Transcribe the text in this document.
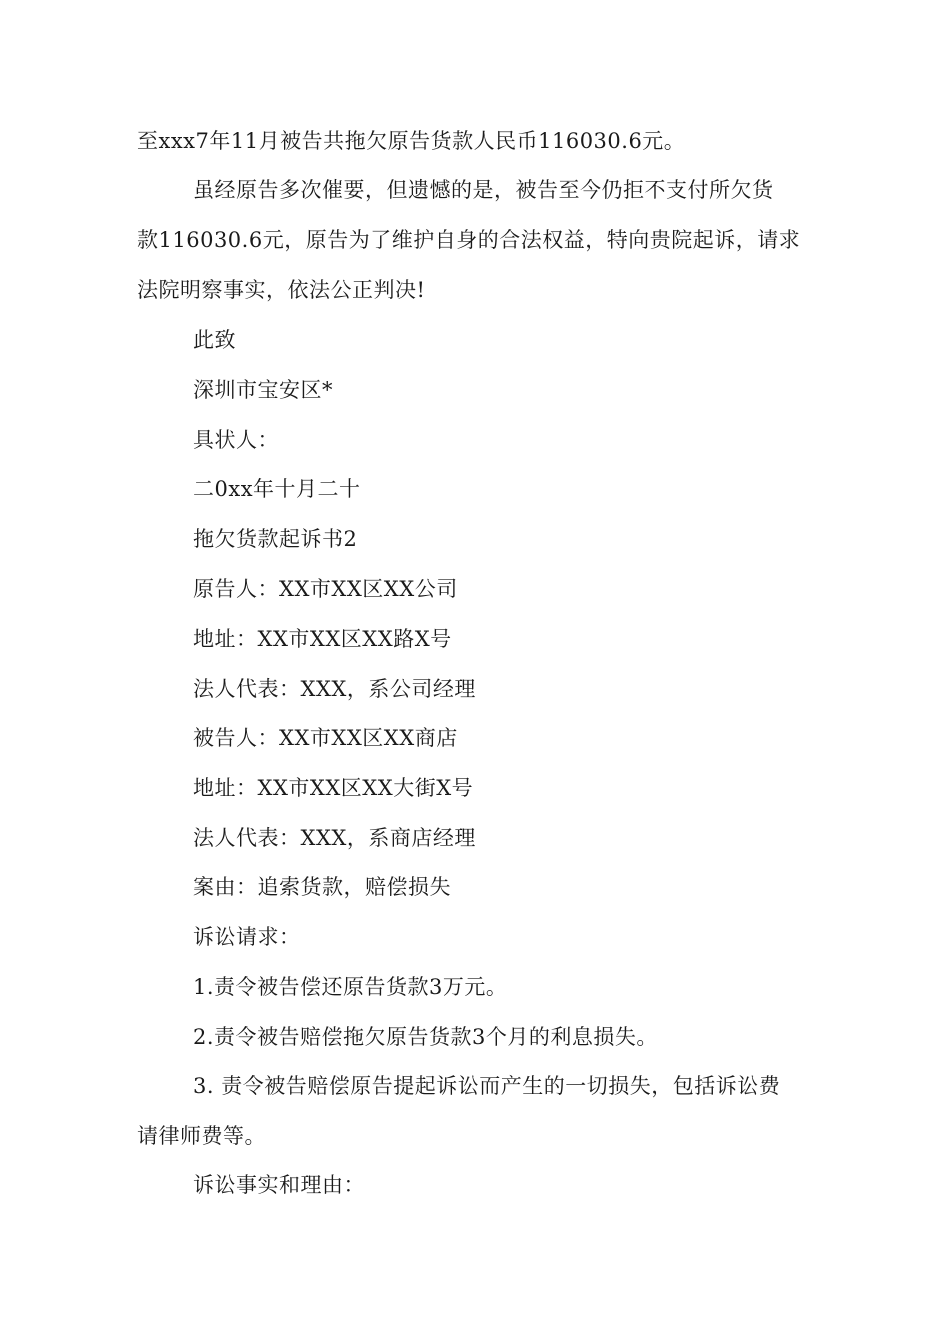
至xxx7年11月被告共拖欠原告货款人民币116030.6元。
虽经原告多次催要，但遗憾的是，被告至今仍拒不支付所欠货
款116030.6元，原告为了维护自身的合法权益，特向贵院起诉，请求
法院明察事实，依法公正判决!
此致
深圳市宝安区*
具状人：
二0xx年十月二十
拖欠货款起诉书2
原告人：XX市XX区XX公司
地址：XX市XX区XX路X号
法人代表：XXX，系公司经理
被告人：XX市XX区XX商店
地址：XX市XX区XX大街X号
法人代表：XXX，系商店经理
案由：追索货款，赔偿损失
诉讼请求：
1.责令被告偿还原告货款3万元。
2.责令被告赔偿拖欠原告货款3个月的利息损失。
3. 责令被告赔偿原告提起诉讼而产生的一切损失，包括诉讼费
请律师费等。
诉讼事实和理由：
